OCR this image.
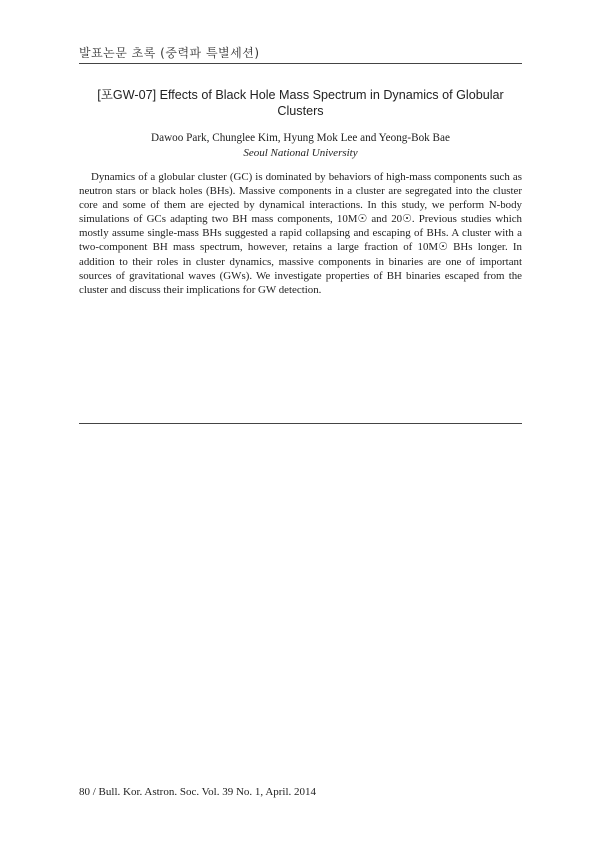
발표논문 초록 (중력파 특별세션)
[포GW-07] Effects of Black Hole Mass Spectrum in Dynamics of Globular Clusters
Dawoo Park, Chunglee Kim, Hyung Mok Lee and Yeong-Bok Bae
Seoul National University
Dynamics of a globular cluster (GC) is dominated by behaviors of high-mass components such as neutron stars or black holes (BHs). Massive components in a cluster are segregated into the cluster core and some of them are ejected by dynamical interactions. In this study, we perform N-body simulations of GCs adapting two BH mass components, 10M☉ and 20☉. Previous studies which mostly assume single-mass BHs suggested a rapid collapsing and escaping of BHs. A cluster with a two-component BH mass spectrum, however, retains a large fraction of 10M☉ BHs longer. In addition to their roles in cluster dynamics, massive components in binaries are one of important sources of gravitational waves (GWs). We investigate properties of BH binaries escaped from the cluster and discuss their implications for GW detection.
80 / Bull. Kor. Astron. Soc. Vol. 39 No. 1, April. 2014
